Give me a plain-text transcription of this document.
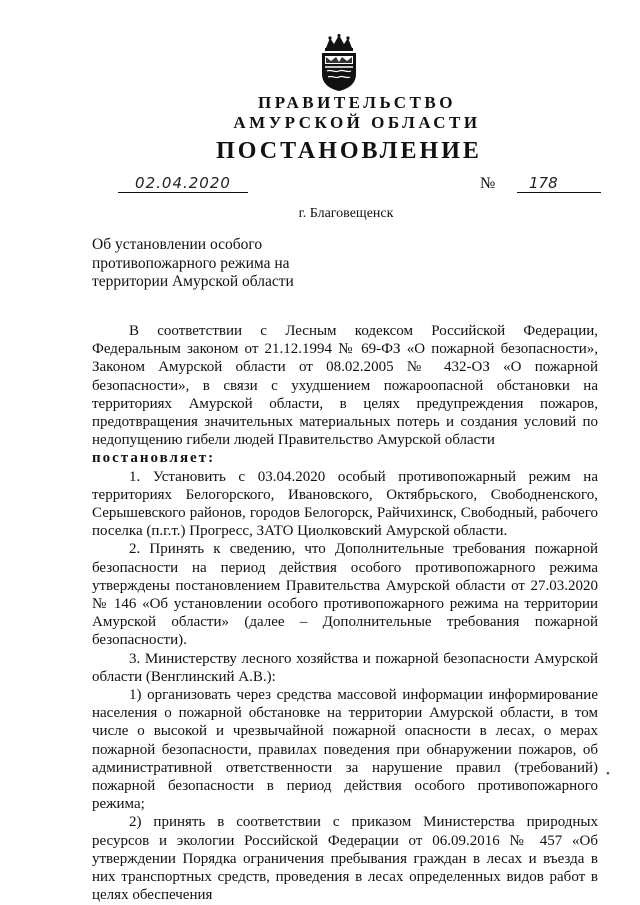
ПРАВИТЕЛЬСТВО
АМУРСКОЙ ОБЛАСТИ
ПОСТАНОВЛЕНИЕ
02.04.2020	№	178
г. Благовещенск
Об установлении особого противопожарного режима на территории Амурской области

В соответствии с Лесным кодексом Российской Федерации, Федеральным законом от 21.12.1994 № 69-ФЗ «О пожарной безопасности», Законом Амурской области от 08.02.2005 № 432-ОЗ «О пожарной безопасности», в связи с ухудшением пожароопасной обстановки на территориях Амурской области, в целях предупреждения пожаров, предотвращения значительных материальных потерь и создания условий по недопущению гибели людей Правительство Амурской области

постановляет:

1. Установить с 03.04.2020 особый противопожарный режим на территориях Белогорского, Ивановского, Октябрьского, Свободненского, Серышевского районов, городов Белогорск, Райчихинск, Свободный, рабочего поселка (п.г.т.) Прогресс, ЗАТО Циолковский Амурской области.

2. Принять к сведению, что Дополнительные требования пожарной безопасности на период действия особого противопожарного режима утверждены постановлением Правительства Амурской области от 27.03.2020 № 146 «Об установлении особого противопожарного режима на территории Амурской области» (далее – Дополнительные требования пожарной безопасности).

3. Министерству лесного хозяйства и пожарной безопасности Амурской области (Венглинский А.В.):

1) организовать через средства массовой информации информирование населения о пожарной обстановке на территории Амурской области, в том числе о высокой и чрезвычайной пожарной опасности в лесах, о мерах пожарной безопасности, правилах поведения при обнаружении пожаров, об административной ответственности за нарушение правил (требований) пожарной безопасности в период действия особого противопожарного режима;

2) принять в соответствии с приказом Министерства природных ресурсов и экологии Российской Федерации от 06.09.2016 № 457 «Об утверждении Порядка ограничения пребывания граждан в лесах и въезда в них транспортных средств, проведения в лесах определенных видов работ в целях обеспечения

•
